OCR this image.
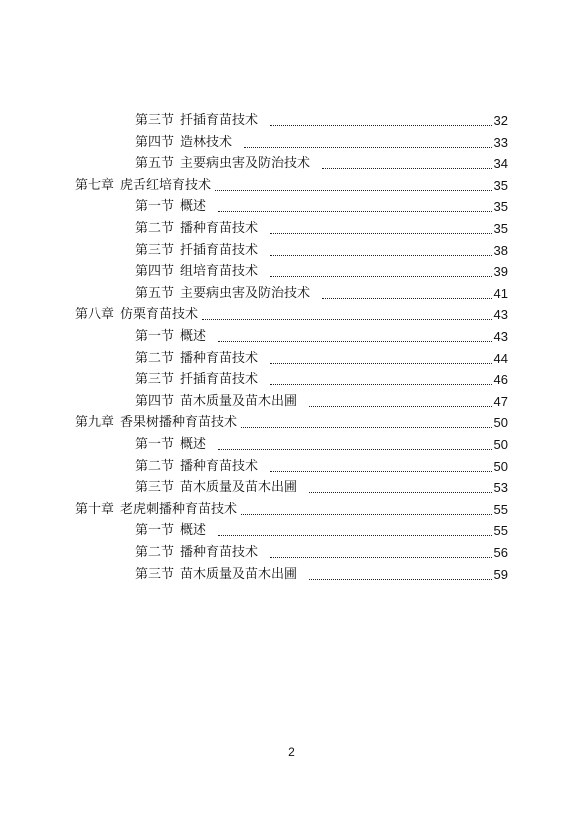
第三节 扦插育苗技术	32
第四节 造林技术	33
第五节 主要病虫害及防治技术	34
第七章 虎舌红培育技术	35
第一节 概述	35
第二节 播种育苗技术	35
第三节 扦插育苗技术	38
第四节 组培育苗技术	39
第五节 主要病虫害及防治技术	41
第八章 仿栗育苗技术	43
第一节 概述	43
第二节 播种育苗技术	44
第三节 扦插育苗技术	46
第四节 苗木质量及苗木出圃	47
第九章 香果树播种育苗技术	50
第一节 概述	50
第二节 播种育苗技术	50
第三节 苗木质量及苗木出圃	53
第十章 老虎刺播种育苗技术	55
第一节 概述	55
第二节 播种育苗技术	56
第三节 苗木质量及苗木出圃	59
2
